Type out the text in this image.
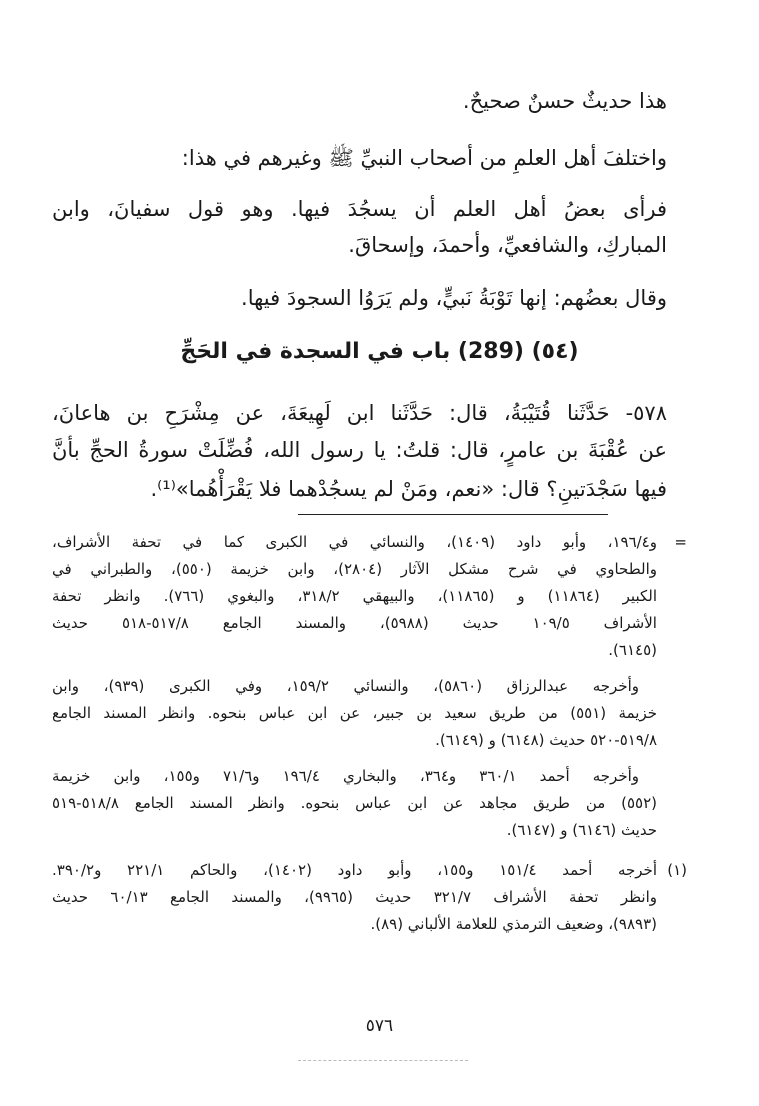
هذا حديثٌ حسنٌ صحيحٌ.
واختلفَ أهل العلمِ من أصحاب النبيِّ ﷺ وغيرهم في هذا:
فرأى بعضُ أهل العلم أن يسجُدَ فيها. وهو قول سفيانَ، وابن
المباركِ، والشافعيِّ، وأحمدَ، وإسحاقَ.
وقال بعضُهم: إنها تَوْبَةُ نَبيٍّ، ولم يَرَوُا السجودَ فيها.
(٥٤) (289) باب في السجدة في الحَجِّ
٥٧٨- حَدَّثَنا قُتَيْبَةُ، قال: حَدَّثَنا ابن لَهِيعَةَ، عن مِشْرَحِ بن هاعانَ،
عن عُقْبَةَ بن عامرٍ، قال: قلتُ: يا رسول الله، فُضِّلَتْ سورةُ الحجِّ بأنَّ
فيها سَجْدَتينِ؟ قال: «نعم، ومَنْ لم يسجُدْهما فلا يَقْرَأْهُما»⁽¹⁾.
=
و١٩٦/٤، وأبو داود (١٤٠٩)، والنسائي في الكبرى كما في تحفة الأشراف،
والطحاوي في شرح مشكل الآثار (٢٨٠٤)، وابن خزيمة (٥٥٠)، والطبراني في
الكبير (١١٨٦٤) و (١١٨٦٥)، والبيهقي ٣١٨/٢، والبغوي (٧٦٦). وانظر تحفة
الأشراف ١٠٩/٥ حديث (٥٩٨٨)، والمسند الجامع ٥١٧/٨-٥١٨ حديث
(٦١٤٥).
وأخرجه عبدالرزاق (٥٨٦٠)، والنسائي ١٥٩/٢، وفي الكبرى (٩٣٩)، وابن
خزيمة (٥٥١) من طريق سعيد بن جبير، عن ابن عباس بنحوه. وانظر المسند الجامع
٥١٩/٨-٥٢٠ حديث (٦١٤٨) و (٦١٤٩).
وأخرجه أحمد ٣٦٠/١ و٣٦٤، والبخاري ١٩٦/٤ و٧١/٦ و١٥٥، وابن خزيمة
(٥٥٢) من طريق مجاهد عن ابن عباس بنحوه. وانظر المسند الجامع ٥١٨/٨-٥١٩
حديث (٦١٤٦) و (٦١٤٧).
(١)
أخرجه أحمد ١٥١/٤ و١٥٥، وأبو داود (١٤٠٢)، والحاكم ٢٢١/١ و٣٩٠/٢.
وانظر تحفة الأشراف ٣٢١/٧ حديث (٩٩٦٥)، والمسند الجامع ٦٠/١٣ حديث
(٩٨٩٣)، وضعيف الترمذي للعلامة الألباني (٨٩).
٥٧٦
